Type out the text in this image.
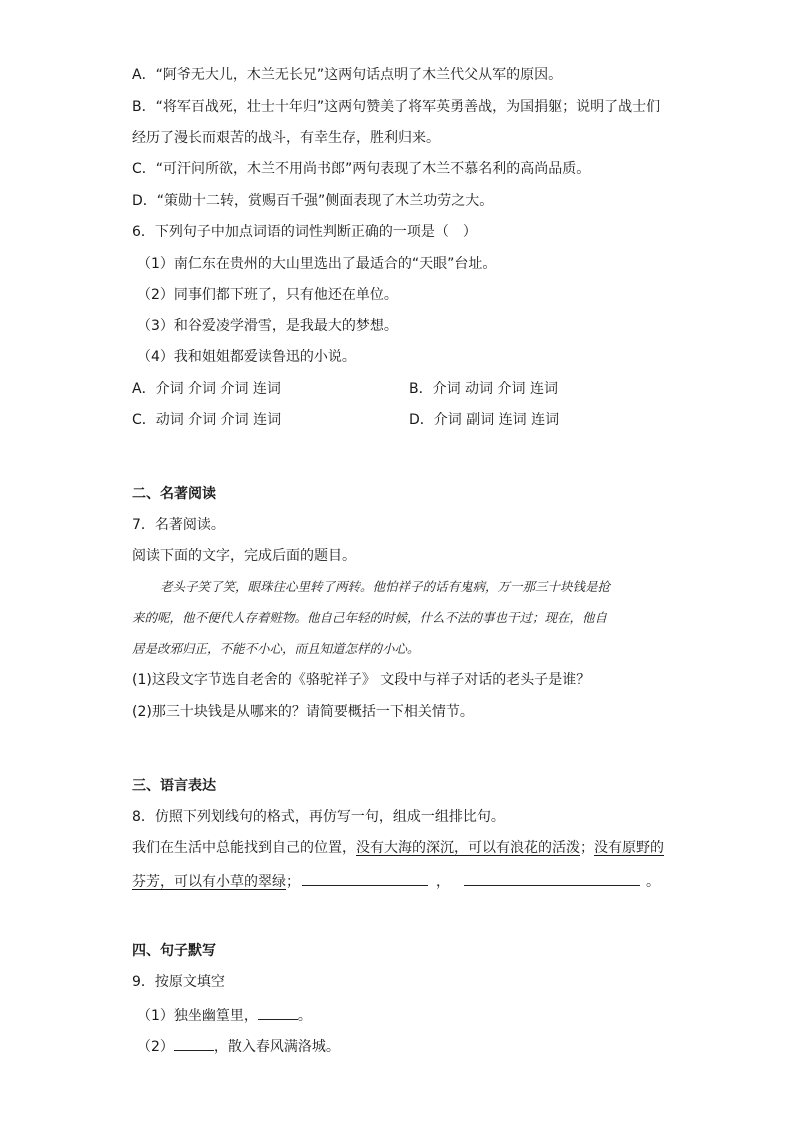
A．“阿爷无大儿，木兰无长兄”这两句话点明了木兰代父从军的原因。
B．“将军百战死，壮士十年归”这两句赞美了将军英勇善战，为国捐躯；说明了战士们
经历了漫长而艰苦的战斗，有幸生存，胜利归来。
C．“可汗问所欲，木兰不用尚书郎”两句表现了木兰不慕名利的高尚品质。
D．“策勋十二转，赏赐百千强”侧面表现了木兰功劳之大。
6．下列句子中加点词语的词性判断正确的一项是（　）
（1）南仁东在贵州的大山里选出了最适合的“天眼”台址。
（2）同事们都下班了，只有他还在单位。
（3）和谷爱凌学滑雪，是我最大的梦想。
（4）我和姐姐都爱读鲁迅的小说。
A．介词 介词 介词 连词	B．介词 动词 介词 连词
C．动词 介词 介词 连词	D．介词 副词 连词 连词
二、名著阅读
7．名著阅读。
阅读下面的文字，完成后面的题目。
老头子笑了笑，眼珠往心里转了两转。他怕祥子的话有鬼病，万一那三十块钱是抢
来的呢，他不便代人存着赃物。他自己年轻的时候，什么不法的事也干过；现在，他自
居是改邪归正，不能不小心，而且知道怎样的小心。
(1)这段文字节选自老舍的《骆驼祥子》 文段中与祥子对话的老头子是谁？
(2)那三十块钱是从哪来的？请简要概括一下相关情节。
三、语言表达
8．仿照下列划线句的格式，再仿写一句，组成一组排比句。
我们在生活中总能找到自己的位置，没有大海的深沉，可以有浪花的活泼；没有原野的
芬芳，可以有小草的翠绿；	，	。
四、句子默写
9．按原文填空
（1）独坐幽篁里，	。
（2）	，散入春风满洛城。
